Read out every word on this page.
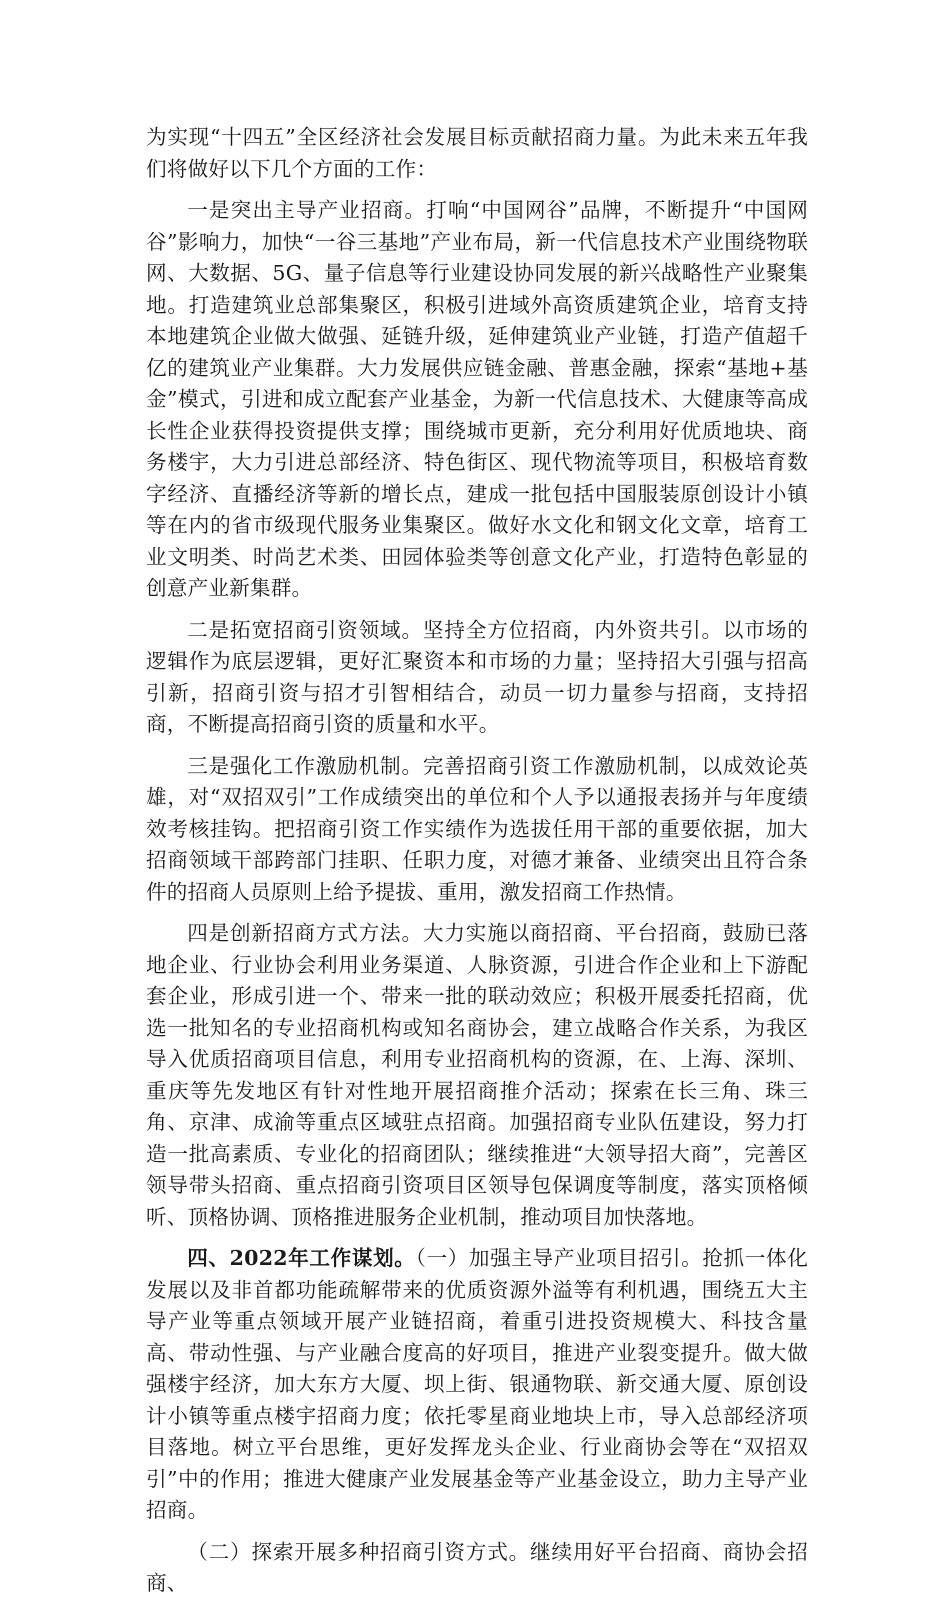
为实现“十四五”全区经济社会发展目标贡献招商力量。为此未来五年我们将做好以下几个方面的工作：

一是突出主导产业招商。打响“中国网谷”品牌，不断提升“中国网谷”影响力，加快“一谷三基地”产业布局，新一代信息技术产业围绕物联网、大数据、5G、量子信息等行业建设协同发展的新兴战略性产业聚集地。打造建筑业总部集聚区，积极引进域外高资质建筑企业，培育支持本地建筑企业做大做强、延链升级，延伸建筑业产业链，打造产值超千亿的建筑业产业集群。大力发展供应链金融、普惠金融，探索“基地+基金”模式，引进和成立配套产业基金，为新一代信息技术、大健康等高成长性企业获得投资提供支撑；围绕城市更新，充分利用好优质地块、商务楼宇，大力引进总部经济、特色街区、现代物流等项目，积极培育数字经济、直播经济等新的增长点，建成一批包括中国服装原创设计小镇等在内的省市级现代服务业集聚区。做好水文化和钢文化文章，培育工业文明类、时尚艺术类、田园体验类等创意文化产业，打造特色彰显的创意产业新集群。

二是拓宽招商引资领域。坚持全方位招商，内外资共引。以市场的逻辑作为底层逻辑，更好汇聚资本和市场的力量；坚持招大引强与招高引新，招商引资与招才引智相结合，动员一切力量参与招商，支持招商，不断提高招商引资的质量和水平。

三是强化工作激励机制。完善招商引资工作激励机制，以成效论英雄，对“双招双引”工作成绩突出的单位和个人予以通报表扬并与年度绩效考核挂钩。把招商引资工作实绩作为选拔任用干部的重要依据，加大招商领域干部跨部门挂职、任职力度，对德才兼备、业绩突出且符合条件的招商人员原则上给予提拔、重用，激发招商工作热情。

四是创新招商方式方法。大力实施以商招商、平台招商，鼓励已落地企业、行业协会利用业务渠道、人脉资源，引进合作企业和上下游配套企业，形成引进一个、带来一批的联动效应；积极开展委托招商，优选一批知名的专业招商机构或知名商协会，建立战略合作关系，为我区导入优质招商项目信息，利用专业招商机构的资源，在、上海、深圳、重庆等先发地区有针对性地开展招商推介活动；探索在长三角、珠三角、京津、成渝等重点区域驻点招商。加强招商专业队伍建设，努力打造一批高素质、专业化的招商团队；继续推进“大领导招大商”，完善区领导带头招商、重点招商引资项目区领导包保调度等制度，落实顶格倾听、顶格协调、顶格推进服务企业机制，推动项目加快落地。

四、2022年工作谋划。（一）加强主导产业项目招引。抢抓一体化发展以及非首都功能疏解带来的优质资源外溢等有利机遇，围绕五大主导产业等重点领域开展产业链招商，着重引进投资规模大、科技含量高、带动性强、与产业融合度高的好项目，推进产业裂变提升。做大做强楼宇经济，加大东方大厦、坝上街、银通物联、新交通大厦、原创设计小镇等重点楼宇招商力度；依托零星商业地块上市，导入总部经济项目落地。树立平台思维，更好发挥龙头企业、行业商协会等在“双招双引”中的作用；推进大健康产业发展基金等产业基金设立，助力主导产业招商。

（二）探索开展多种招商引资方式。继续用好平台招商、商协会招商、
